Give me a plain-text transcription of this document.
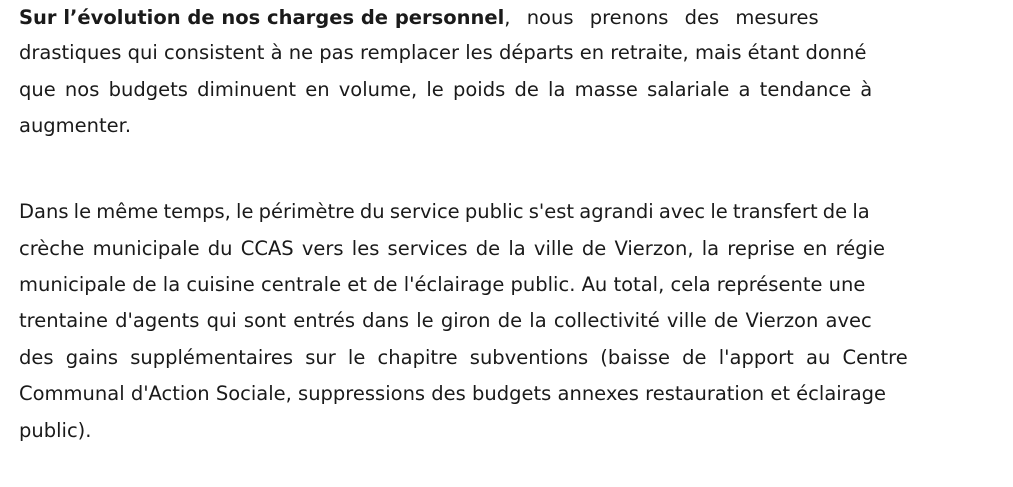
Sur l’évolution de nos charges de personnel , nous prenons des mesures
drastiques qui consistent à ne pas remplacer les départs en retraite, mais étant donné
que nos budgets diminuent en volume, le poids de la masse salariale a tendance à
augmenter.
Dans le même temps, le périmètre du service public s'est agrandi avec le transfert de la
crèche municipale du CCAS vers les services de la ville de Vierzon, la reprise en régie
municipale de la cuisine centrale et de l'éclairage public. Au total, cela représente une
trentaine d'agents qui sont entrés dans le giron de la collectivité ville de Vierzon avec
des gains supplémentaires sur le chapitre subventions (baisse de l'apport au Centre
Communal d'Action Sociale, suppressions des budgets annexes restauration et éclairage
public).
